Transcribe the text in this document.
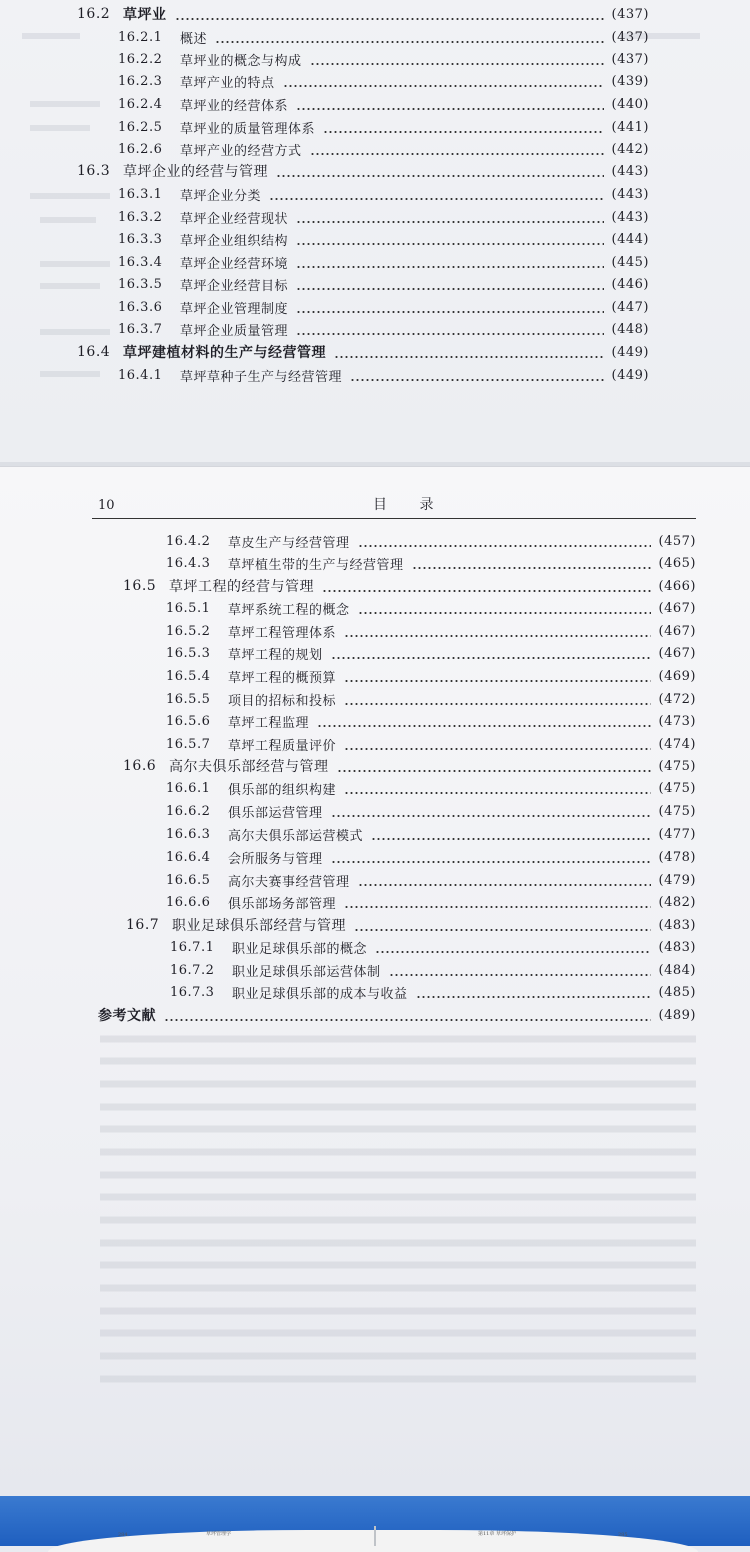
16.2 草坪业	(437)
16.2.1	概述	(437)
16.2.2	草坪业的概念与构成	(437)
16.2.3	草坪产业的特点	(439)
16.2.4	草坪业的经营体系	(440)
16.2.5	草坪业的质量管理体系	(441)
16.2.6	草坪产业的经营方式	(442)
16.3 草坪企业的经营与管理	(443)
16.3.1	草坪企业分类	(443)
16.3.2	草坪企业经营现状	(443)
16.3.3	草坪企业组织结构	(444)
16.3.4	草坪企业经营环境	(445)
16.3.5	草坪企业经营目标	(446)
16.3.6	草坪企业管理制度	(447)
16.3.7	草坪企业质量管理	(448)
16.4 草坪建植材料的生产与经营管理	(449)
16.4.1	草坪草种子生产与经营管理	(449)
10	目 录
16.4.2	草皮生产与经营管理	(457)
16.4.3	草坪植生带的生产与经营管理	(465)
16.5 草坪工程的经营与管理	(466)
16.5.1	草坪系统工程的概念	(467)
16.5.2	草坪工程管理体系	(467)
16.5.3	草坪工程的规划	(467)
16.5.4	草坪工程的概预算	(469)
16.5.5	项目的招标和投标	(472)
16.5.6	草坪工程监理	(473)
16.5.7	草坪工程质量评价	(474)
16.6 高尔夫俱乐部经营与管理	(475)
16.6.1	俱乐部的组织构建	(475)
16.6.2	俱乐部运营管理	(475)
16.6.3	高尔夫俱乐部运营模式	(477)
16.6.4	会所服务与管理	(478)
16.6.5	高尔夫赛事经营管理	(479)
16.6.6	俱乐部场务部管理	(482)
16.7 职业足球俱乐部经营与管理	(483)
16.7.1	职业足球俱乐部的概念	(483)
16.7.2	职业足球俱乐部运营体制	(484)
16.7.3	职业足球俱乐部的成本与收益	(485)
参考文献	(489)
284	草坪管理学	第11章 草坪保护	285
